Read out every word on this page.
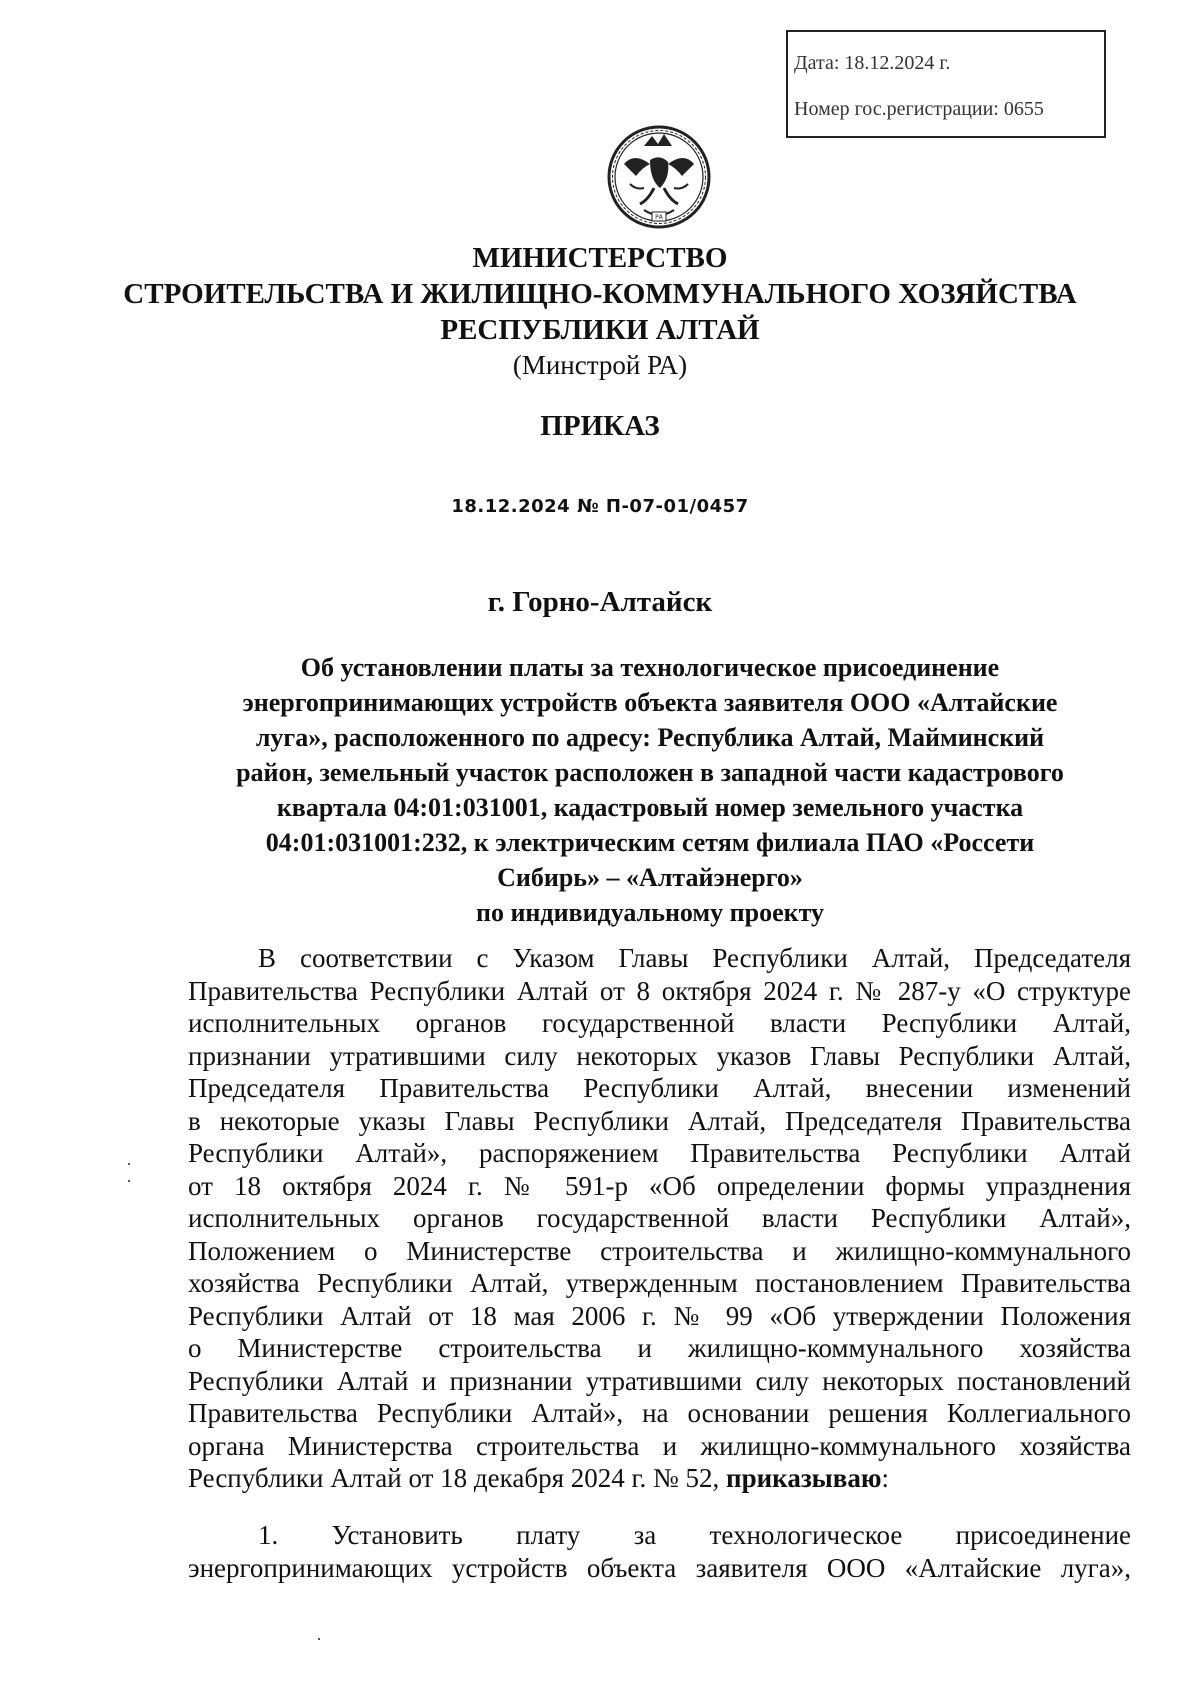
Дата: 18.12.2024 г.
Номер гос.регистрации: 0655
РА
МИНИСТЕРСТВО
СТРОИТЕЛЬСТВА И ЖИЛИЩНО-КОММУНАЛЬНОГО ХОЗЯЙСТВА
РЕСПУБЛИКИ АЛТАЙ
(Минстрой РА)
ПРИКАЗ
18.12.2024 № П-07-01/0457
г. Горно-Алтайск
Об установлении платы за технологическое присоединение
энергопринимающих устройств объекта заявителя ООО «Алтайские
луга», расположенного по адресу: Республика Алтай, Майминский
район, земельный участок расположен в западной части кадастрового
квартала 04:01:031001, кадастровый номер земельного участка
04:01:031001:232, к электрическим сетям филиала ПАО «Россети
Сибирь» – «Алтайэнерго»
по индивидуальному проекту
В соответствии с Указом Главы Республики Алтай, Председателя
Правительства Республики Алтай от 8 октября 2024 г. № 287-у «О структуре
исполнительных органов государственной власти Республики Алтай,
признании утратившими силу некоторых указов Главы Республики Алтай,
Председателя Правительства Республики Алтай, внесении изменений
в некоторые указы Главы Республики Алтай, Председателя Правительства
Республики Алтай», распоряжением Правительства Республики Алтай
от 18 октября 2024 г. № 591-р «Об определении формы упразднения
исполнительных органов государственной власти Республики Алтай»,
Положением о Министерстве строительства и жилищно-коммунального
хозяйства Республики Алтай, утвержденным постановлением Правительства
Республики Алтай от 18 мая 2006 г. № 99 «Об утверждении Положения
о Министерстве строительства и жилищно-коммунального хозяйства
Республики Алтай и признании утратившими силу некоторых постановлений
Правительства Республики Алтай», на основании решения Коллегиального
органа Министерства строительства и жилищно-коммунального хозяйства
Республики Алтай от 18 декабря 2024 г. № 52, приказываю:
1. Установить плату за технологическое присоединение
энергопринимающих устройств объекта заявителя ООО «Алтайские луга»,
